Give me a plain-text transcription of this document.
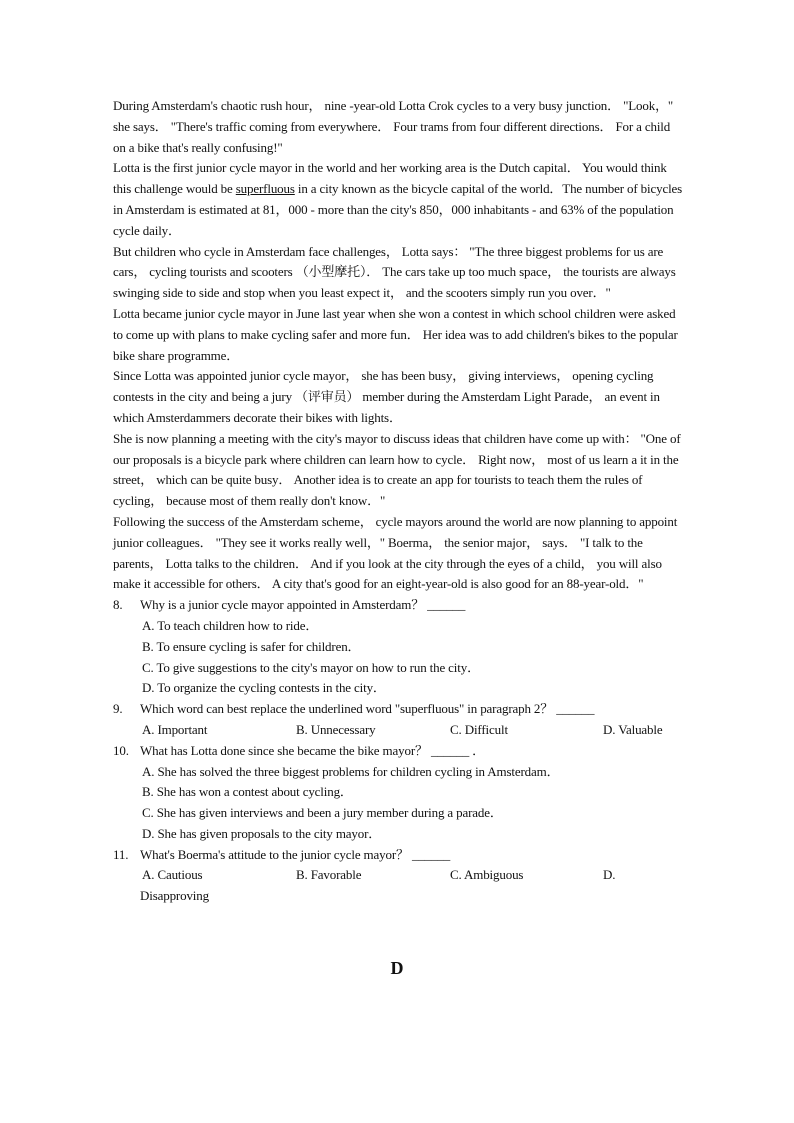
During Amsterdam's chaotic rush hour， nine -year-old Lotta Crok cycles to a very busy junction． "Look，" she says． "There's traffic coming from everywhere． Four trams from four different directions． For a child on a bike that's really confusing!"

Lotta is the first junior cycle mayor in the world and her working area is the Dutch capital． You would think this challenge would be superfluous in a city known as the bicycle capital of the world．The number of bicycles in Amsterdam is estimated at 81，000 - more than the city's 850，000 inhabitants - and 63% of the population cycle daily．

But children who cycle in Amsterdam face challenges， Lotta says： "The three biggest problems for us are cars， cycling tourists and scooters （小型摩托）． The cars take up too much space， the tourists are always swinging side to side and stop when you least expect it， and the scooters simply run you over．"

Lotta became junior cycle mayor in June last year when she won a contest in which school children were asked to come up with plans to make cycling safer and more fun． Her idea was to add children's bikes to the popular bike share programme．

Since Lotta was appointed junior cycle mayor， she has been busy， giving interviews， opening cycling contests in the city and being a jury （评审员） member during the Amsterdam Light Parade， an event in which Amsterdammers decorate their bikes with lights．

She is now planning a meeting with the city's mayor to discuss ideas that children have come up with： "One of our proposals is a bicycle park where children can learn how to cycle． Right now， most of us learn a it in the street， which can be quite busy． Another idea is to create an app for tourists to teach them the rules of cycling， because most of them really don't know．"

Following the success of the Amsterdam scheme， cycle mayors around the world are now planning to appoint junior colleagues． "They see it works really well，" Boerma， the senior major， says． "I talk to the parents， Lotta talks to the children． And if you look at the city through the eyes of a child， you will also make it accessible for others． A city that's good for an eight-year-old is also good for an 88-year-old．"

8. Why is a junior cycle mayor appointed in Amsterdam？ ______

A. To teach children how to ride．

B. To ensure cycling is safer for children．

C. To give suggestions to the city's mayor on how to run the city．

D. To organize the cycling contests in the city．

9. Which word can best replace the underlined word "superfluous" in paragraph 2？ ______

A. Important	B. Unnecessary	C. Difficult	D. Valuable

10. What has Lotta done since she became the bike mayor？ ______ ．

A. She has solved the three biggest problems for children cycling in Amsterdam．

B. She has won a contest about cycling．

C. She has given interviews and been a jury member during a parade．

D. She has given proposals to the city mayor．

11. What's Boerma's attitude to the junior cycle mayor？ ______

A. Cautious	B. Favorable	C. Ambiguous	D.

Disapproving

D
